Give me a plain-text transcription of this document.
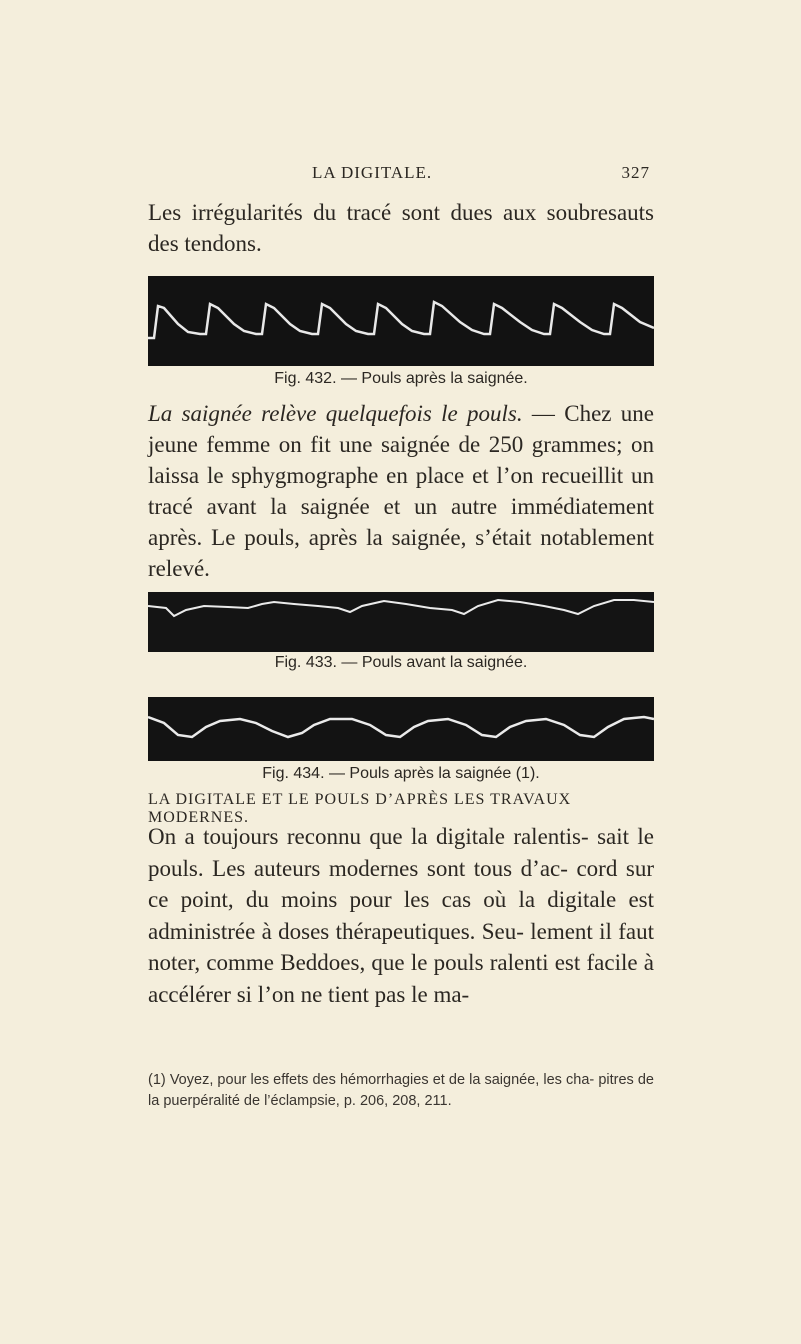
LA DIGITALE.	327

Les irrégularités du tracé sont dues aux soubresauts des tendons.

Fig. 432. — Pouls après la saignée.

La saignée relève quelquefois le pouls. — Chez une jeune femme on fit une saignée de 250 grammes; on laissa le sphygmographe en place et l’on recueillit un tracé avant la saignée et un autre immédiatement après. Le pouls, après la saignée, s’était notablement relevé.

Fig. 433. — Pouls avant la saignée.
Fig. 434. — Pouls après la saignée (1).
LA DIGITALE ET LE POULS D’APRÈS LES TRAVAUX MODERNES.

On a toujours reconnu que la digitale ralentis- sait le pouls. Les auteurs modernes sont tous d’ac- cord sur ce point, du moins pour les cas où la digitale est administrée à doses thérapeutiques. Seu- lement il faut noter, comme Beddoes, que le pouls ralenti est facile à accélérer si l’on ne tient pas le ma-

(1) Voyez, pour les effets des hémorrhagies et de la saignée, les cha- pitres de la puerpéralité de l’éclampsie, p. 206, 208, 211.
